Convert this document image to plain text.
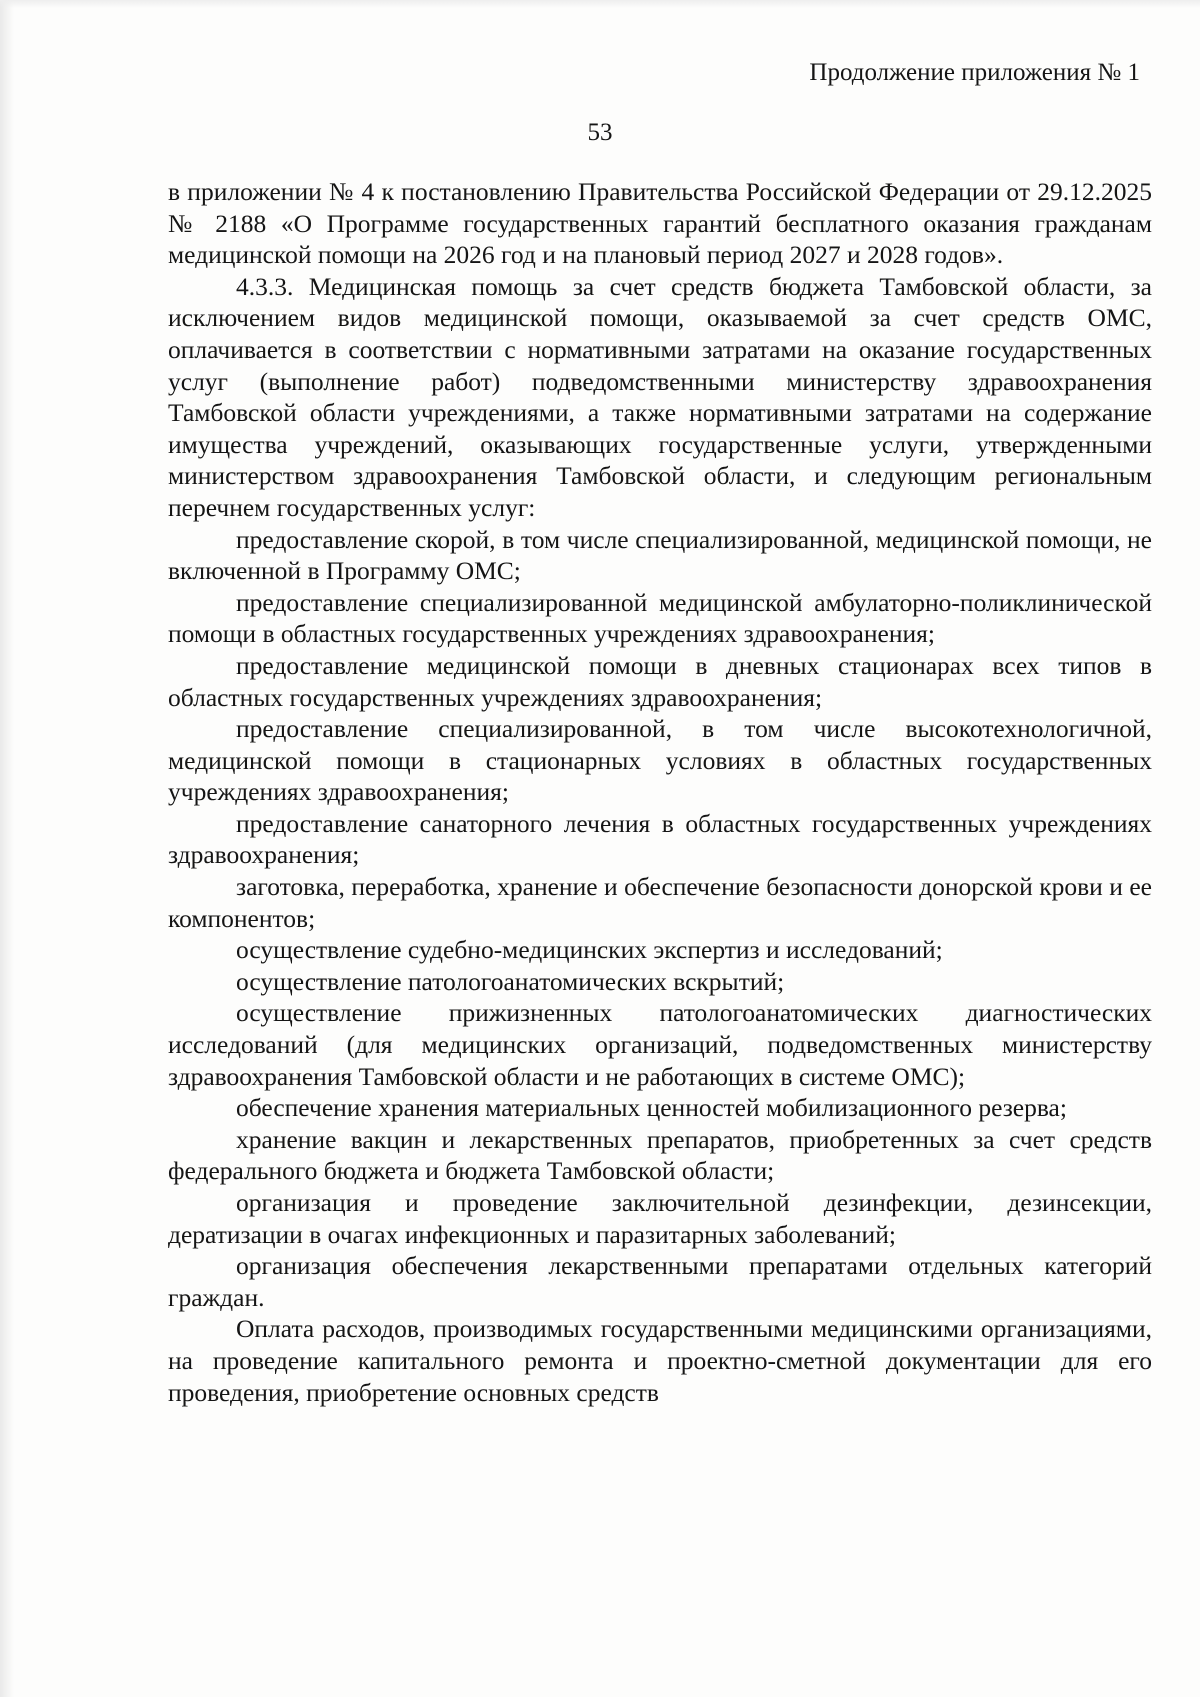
Продолжение приложения № 1
53

в приложении № 4 к постановлению Правительства Российской Федерации от 29.12.2025 № 2188 «О Программе государственных гарантий бесплатного оказания гражданам медицинской помощи на 2026 год и на плановый период 2027 и 2028 годов».

4.3.3. Медицинская помощь за счет средств бюджета Тамбовской области, за исключением видов медицинской помощи, оказываемой за счет средств ОМС, оплачивается в соответствии с нормативными затратами на оказание государственных услуг (выполнение работ) подведомственными министерству здравоохранения Тамбовской области учреждениями, а также нормативными затратами на содержание имущества учреждений, оказывающих государственные услуги, утвержденными министерством здравоохранения Тамбовской области, и следующим региональным перечнем государственных услуг:

предоставление скорой, в том числе специализированной, медицинской помощи, не включенной в Программу ОМС;

предоставление специализированной медицинской амбулаторно-поликлинической помощи в областных государственных учреждениях здравоохранения;

предоставление медицинской помощи в дневных стационарах всех типов в областных государственных учреждениях здравоохранения;

предоставление специализированной, в том числе высокотехнологичной, медицинской помощи в стационарных условиях в областных государственных учреждениях здравоохранения;

предоставление санаторного лечения в областных государственных учреждениях здравоохранения;

заготовка, переработка, хранение и обеспечение безопасности донорской крови и ее компонентов;

осуществление судебно-медицинских экспертиз и исследований;

осуществление патологоанатомических вскрытий;

осуществление прижизненных патологоанатомических диагностических исследований (для медицинских организаций, подведомственных министерству здравоохранения Тамбовской области и не работающих в системе ОМС);

обеспечение хранения материальных ценностей мобилизационного резерва;

хранение вакцин и лекарственных препаратов, приобретенных за счет средств федерального бюджета и бюджета Тамбовской области;

организация и проведение заключительной дезинфекции, дезинсекции, дератизации в очагах инфекционных и паразитарных заболеваний;

организация обеспечения лекарственными препаратами отдельных категорий граждан.

Оплата расходов, производимых государственными медицинскими организациями, на проведение капитального ремонта и проектно-сметной документации для его проведения, приобретение основных средств
